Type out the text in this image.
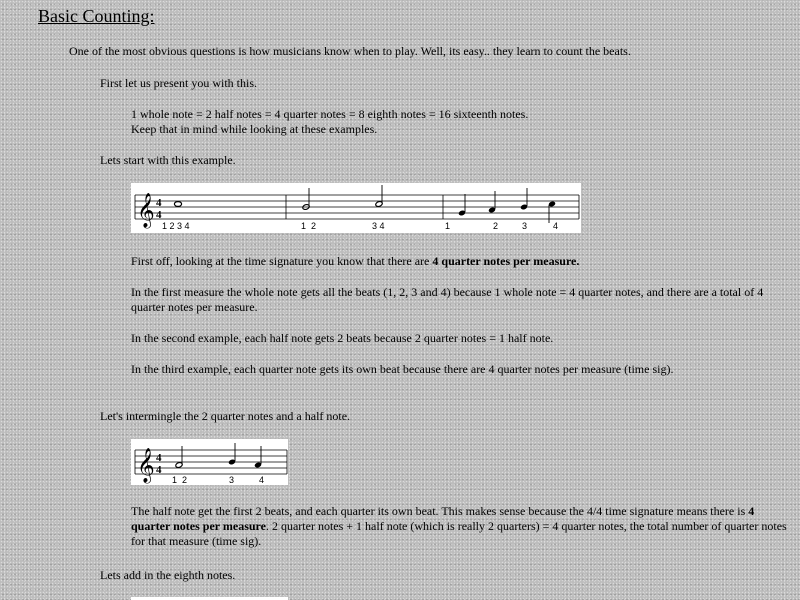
Basic Counting:
One of the most obvious questions is how musicians know when to play. Well, its easy.. they learn to count the beats.
First let us present you with this.
1 whole note = 2 half notes = 4 quarter notes = 8 eighth notes = 16 sixteenth notes.
Keep that in mind while looking at these examples.
Lets start with this example.
𝄞 4
4
1 2 3 4	1  2	3 4	1	2	3	4
First off, looking at the time signature you know that there are 4 quarter notes per measure.
In the first measure the whole note gets all the beats (1, 2, 3 and 4) because 1 whole note = 4 quarter notes, and there are a total of 4 quarter notes per measure.
In the second example, each half note gets 2 beats because 2 quarter notes = 1 half note.
In the third example, each quarter note gets its own beat because there are 4 quarter notes per measure (time sig).
Let's intermingle the 2 quarter notes and a half note.
𝄞 4
4
1  2	3	4
The half note get the first 2 beats, and each quarter its own beat. This makes sense because the 4/4 time signature means there is 4 quarter notes per measure. 2 quarter notes + 1 half note (which is really 2 quarters) = 4 quarter notes, the total number of quarter notes for that measure (time sig).
Lets add in the eighth notes.
